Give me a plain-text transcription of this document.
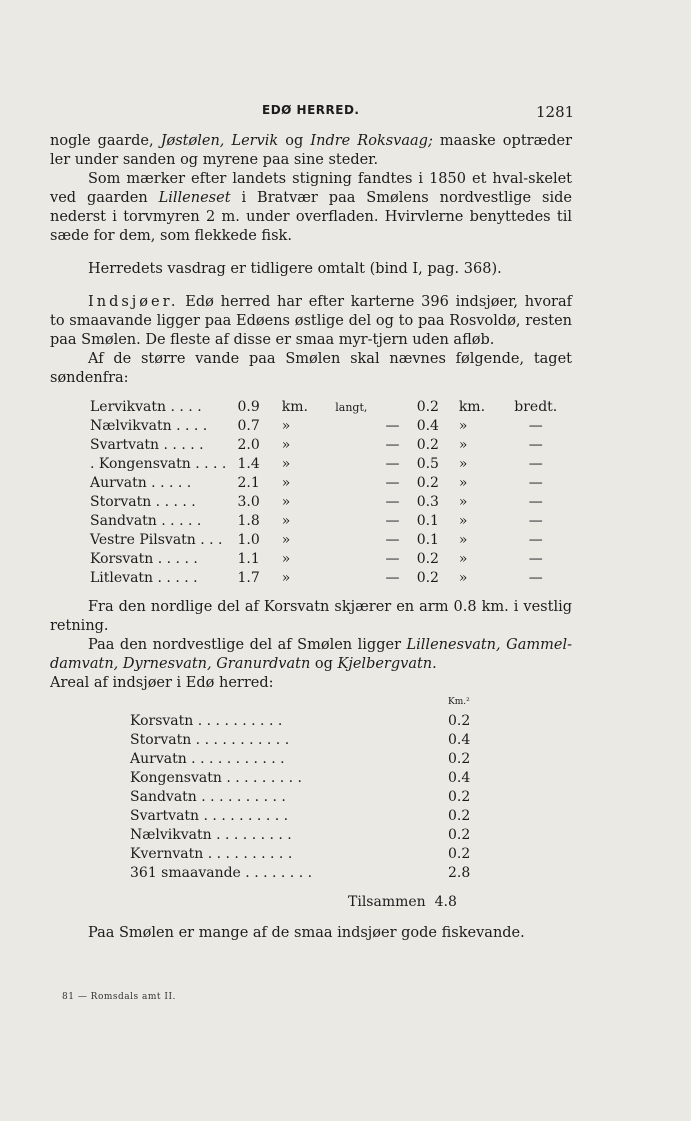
EDØ HERRED.	1281

nogle gaarde, Jøstølen, Lervik og Indre Roksvaag; maaske optræder ler under sanden og myrene paa sine steder.

Som mærker efter landets stigning fandtes i 1850 et hval-skelet ved gaarden Lilleneset i Bratvær paa Smølens nordvestlige side nederst i torvmyren 2 m. under overfladen. Hvirvlerne benyttedes til sæde for dem, som flekkede fisk.

Herredets vasdrag er tidligere omtalt (bind I, pag. 368).

Indsjøer. Edø herred har efter karterne 396 indsjøer, hvoraf to smaavande ligger paa Edøens østlige del og to paa Rosvoldø, resten paa Smølen. De fleste af disse er smaa myr-tjern uden afløb.

Af de større vande paa Smølen skal nævnes følgende, taget søndenfra:

Lervikvatn . . . .	0.9	km.	langt,		0.2	km.	bredt.
Nælvikvatn . . . .	0.7	»		—	0.4	»	—
Svartvatn . . . . .	2.0	»		—	0.2	»	—
. Kongensvatn . . . .	1.4	»		—	0.5	»	—
Aurvatn . . . . .	2.1	»		—	0.2	»	—
Storvatn . . . . .	3.0	»		—	0.3	»	—
Sandvatn . . . . .	1.8	»		—	0.1	»	—
Vestre Pilsvatn . . .	1.0	»		—	0.1	»	—
Korsvatn . . . . .	1.1	»		—	0.2	»	—
Litlevatn . . . . .	1.7	»		—	0.2	»	—

Fra den nordlige del af Korsvatn skjærer en arm 0.8 km. i vestlig retning.

Paa den nordvestlige del af Smølen ligger Lillenesvatn, Gammel-damvatn, Dyrnesvatn, Granurdvatn og Kjelbergvatn.

Areal af indsjøer i Edø herred:

	Km.²
Korsvatn . . . . . . . . . .	0.2
Storvatn . . . . . . . . . . .	0.4
Aurvatn . . . . . . . . . . .	0.2
Kongensvatn . . . . . . . . .	0.4
Sandvatn . . . . . . . . . .	0.2
Svartvatn . . . . . . . . . .	0.2
Nælvikvatn . . . . . . . . .	0.2
Kvernvatn . . . . . . . . . .	0.2
361 smaavande . . . . . . . .	2.8
Tilsammen 4.8

Paa Smølen er mange af de smaa indsjøer gode fiskevande.

81 — Romsdals amt II.
